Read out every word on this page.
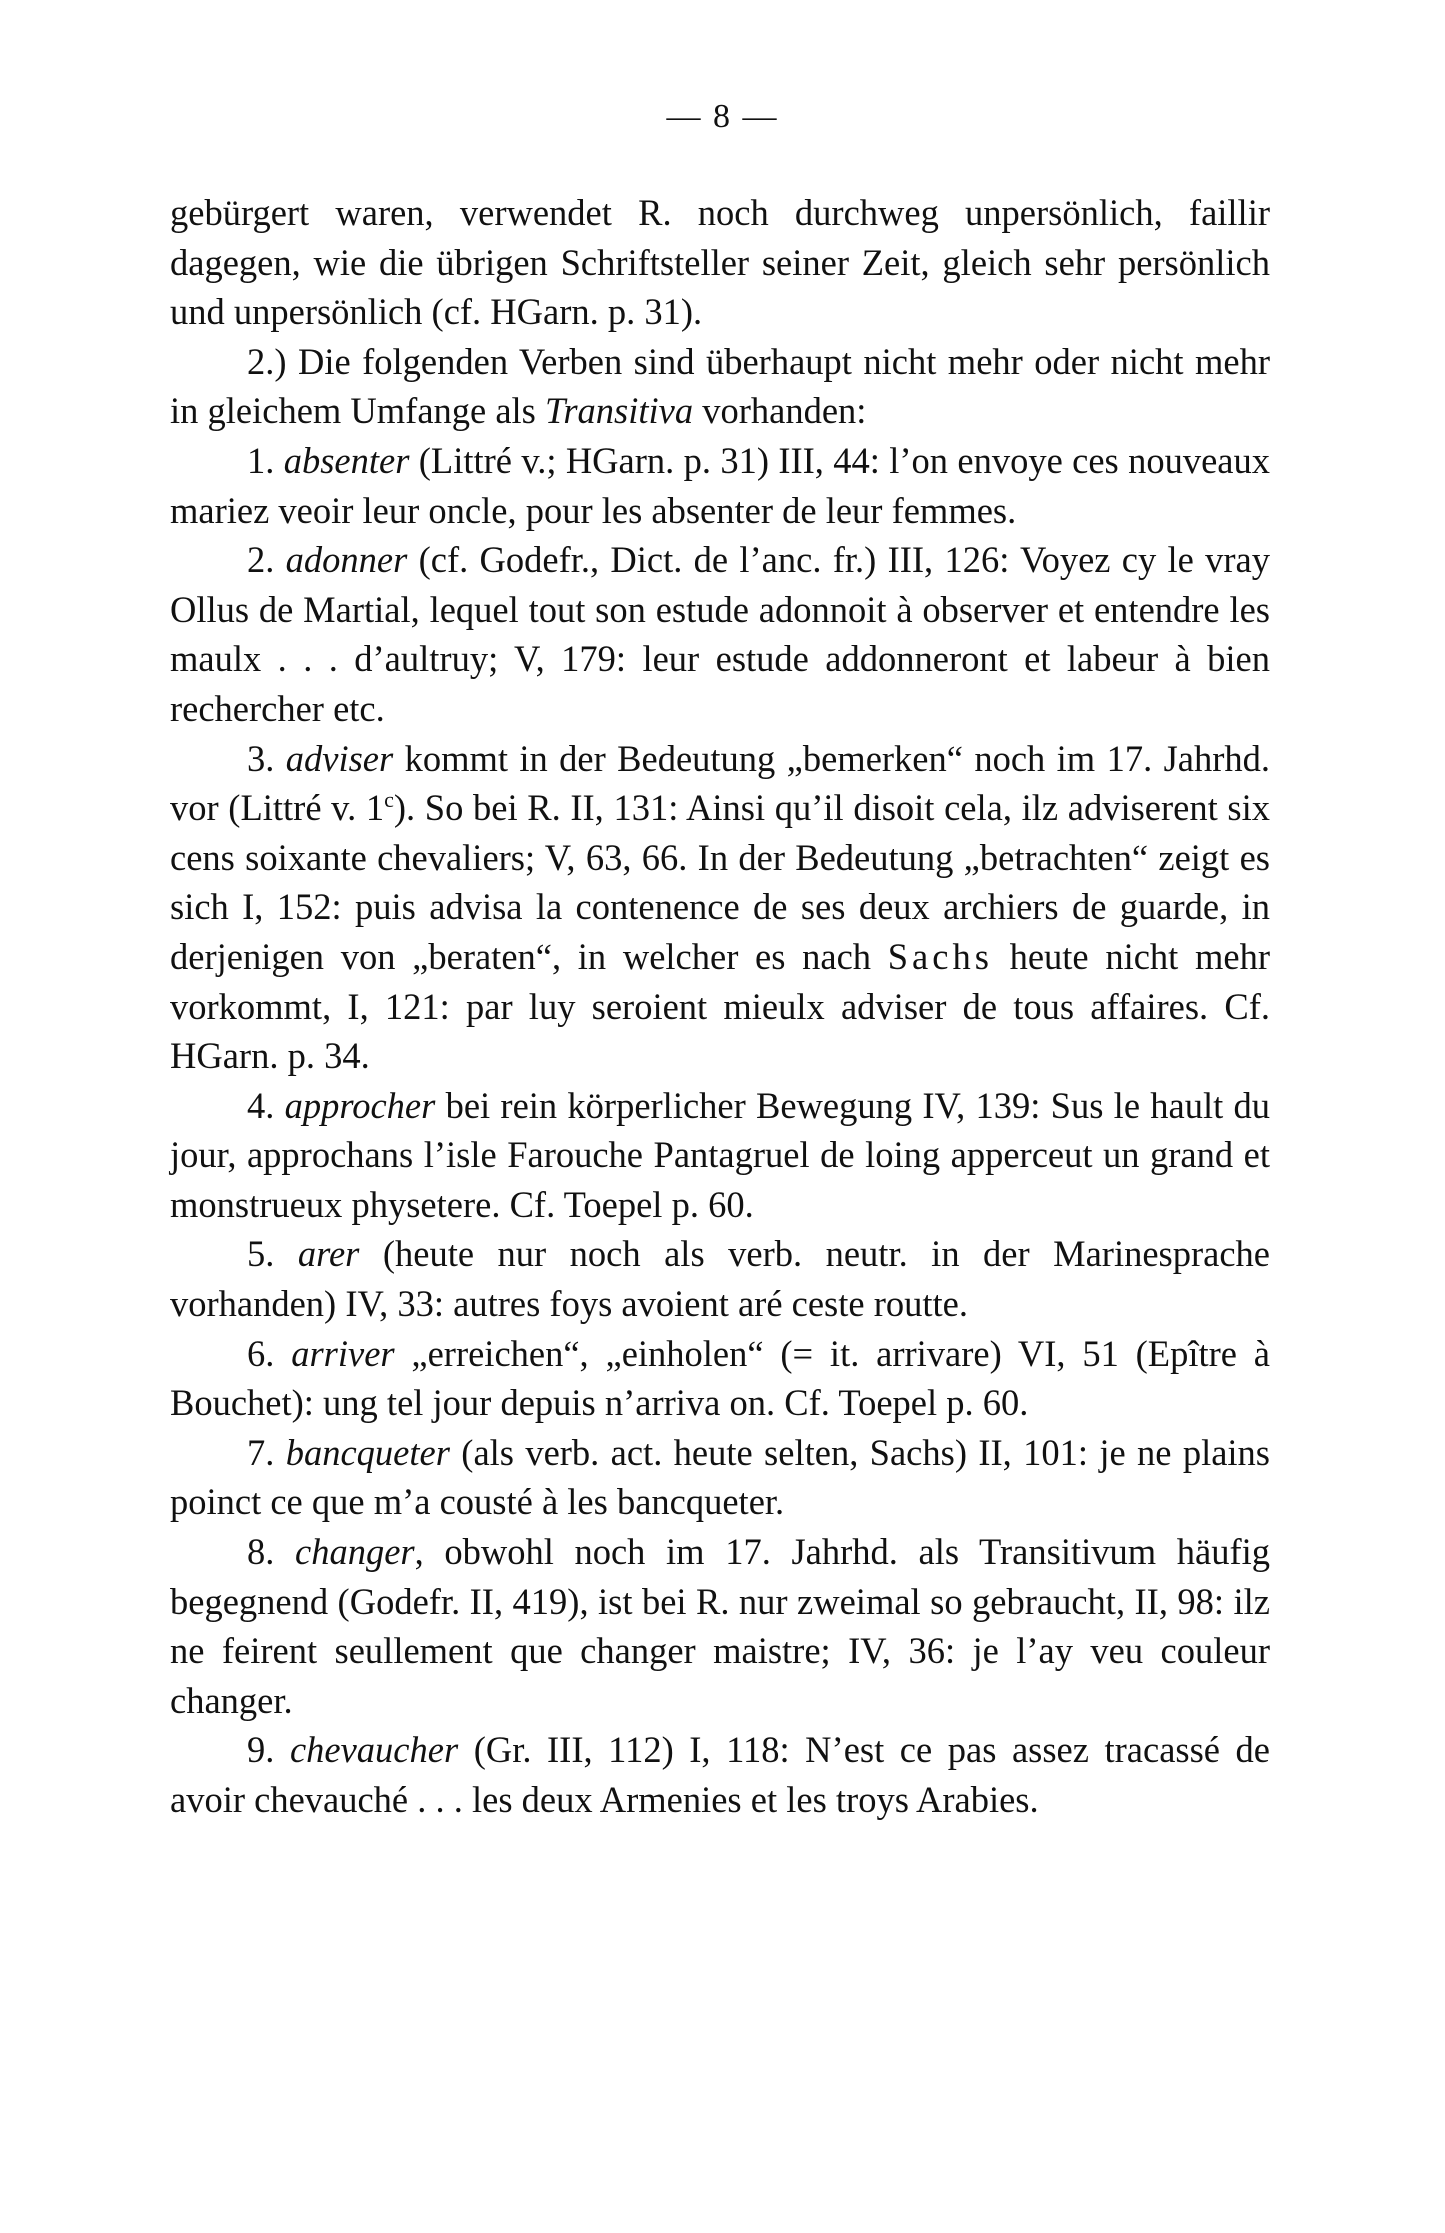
— 8 —

gebürgert waren, verwendet R. noch durchweg unpersönlich, faillir dagegen, wie die übrigen Schriftsteller seiner Zeit, gleich sehr persönlich und unpersönlich (cf. HGarn. p. 31).

2.) Die folgenden Verben sind überhaupt nicht mehr oder nicht mehr in gleichem Umfange als Transitiva vorhanden:

1. absenter (Littré v.; HGarn. p. 31) III, 44: l’on envoye ces nouveaux mariez veoir leur oncle, pour les absenter de leur femmes.

2. adonner (cf. Godefr., Dict. de l’anc. fr.) III, 126: Voyez cy le vray Ollus de Martial, lequel tout son estude adonnoit à observer et entendre les maulx . . . d’aultruy; V, 179: leur estude addonneront et labeur à bien rechercher etc.

3. adviser kommt in der Bedeutung „bemerken“ noch im 17. Jahrhd. vor (Littré v. 1$^c$). So bei R. II, 131: Ainsi qu’il disoit cela, ilz adviserent six cens soixante chevaliers; V, 63, 66. In der Bedeutung „betrachten“ zeigt es sich I, 152: puis advisa la contenence de ses deux archiers de guarde, in derjenigen von „beraten“, in welcher es nach Sachs heute nicht mehr vorkommt, I, 121: par luy seroient mieulx adviser de tous affaires. Cf. HGarn. p. 34.

4. approcher bei rein körperlicher Bewegung IV, 139: Sus le hault du jour, approchans l’isle Farouche Pantagruel de loing apperceut un grand et monstrueux physetere. Cf. Toepel p. 60.

5. arer (heute nur noch als verb. neutr. in der Marinesprache vorhanden) IV, 33: autres foys avoient aré ceste routte.

6. arriver „erreichen“, „einholen“ (= it. arrivare) VI, 51 (Epître à Bouchet): ung tel jour depuis n’arriva on. Cf. Toepel p. 60.

7. bancqueter (als verb. act. heute selten, Sachs) II, 101: je ne plains poinct ce que m’a cousté à les bancqueter.

8. changer, obwohl noch im 17. Jahrhd. als Transitivum häufig begegnend (Godefr. II, 419), ist bei R. nur zweimal so gebraucht, II, 98: ilz ne feirent seullement que changer maistre; IV, 36: je l’ay veu couleur changer.

9. chevaucher (Gr. III, 112) I, 118: N’est ce pas assez tracassé de avoir chevauché . . . les deux Armenies et les troys Arabies.
